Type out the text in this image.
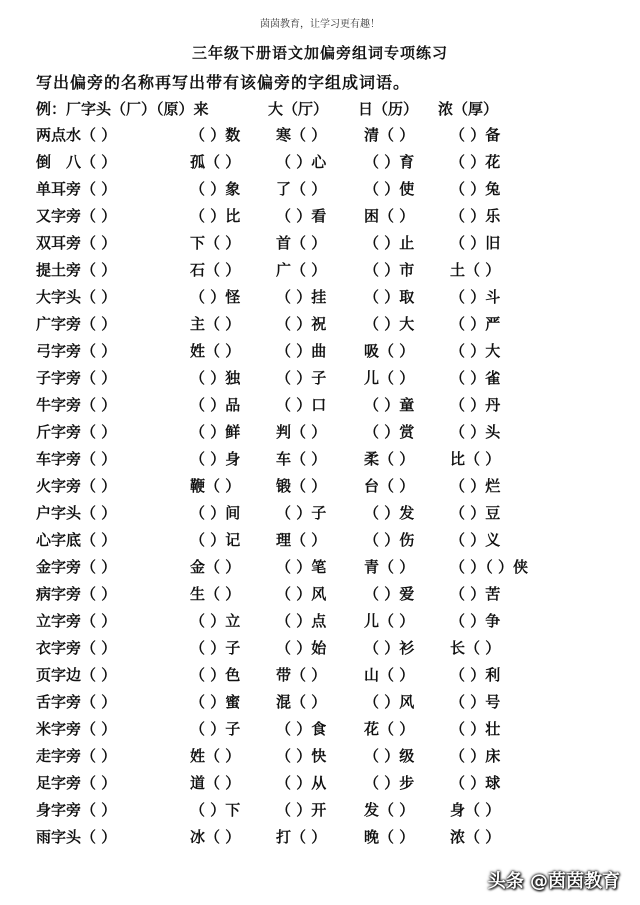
茵茵教育，让学习更有趣！
三年级下册语文加偏旁组词专项练习
写出偏旁的名称再写出带有该偏旁的字组成词语。
例：厂字头（厂）（原）来	大（厅） 日（历） 浓（厚）
两点水（ ）	（ ）数 寒（ ）	清（ ） （ ）备
倒　八（ ）	孤（ ） （ ）心	（ ）育 （ ）花
单耳旁（ ）	（ ）象 了（ ）	（ ）使 （ ）兔
又字旁（ ）	（ ）比 （ ）看	困（ ） （ ）乐
双耳旁（ ）	下（ ） 首（ ）	（ ）止 （ ）旧
提土旁（ ）	石（ ） 广（ ）	（ ）市 土（ ）
大字头（ ）	（ ）怪 （ ）挂	（ ）取 （ ）斗
广字旁（ ）	主（ ） （ ）祝	（ ）大 （ ）严
弓字旁（ ）	姓（ ） （ ）曲	吸（ ） （ ）大
子字旁（ ）	（ ）独 （ ）子	儿（ ） （ ）雀
牛字旁（ ）	（ ）品 （ ）口	（ ）童 （ ）丹
斤字旁（ ）	（ ）鲜 判（ ）	（ ）赏 （ ）头
车字旁（ ）	（ ）身 车（ ）	柔（ ） 比（ ）
火字旁（ ）	鞭（ ） 锻（ ）	台（ ） （ ）烂
户字头（ ）	（ ）间 （ ）子	（ ）发 （ ）豆
心字底（ ）	（ ）记 理（ ）	（ ）伤 （ ）义
金字旁（ ）	金（ ） （ ）笔	青（ ） （ ）（ ）侠
病字旁（ ）	生（ ） （ ）风	（ ）爱 （ ）苦
立字旁（ ）	（ ）立 （ ）点	儿（ ） （ ）争
衣字旁（ ）	（ ）子 （ ）始	（ ）衫 长（ ）
页字边（ ）	（ ）色 带（ ）	山（ ） （ ）利
舌字旁（ ）	（ ）蜜 混（ ）	（ ）风 （ ）号
米字旁（ ）	（ ）子 （ ）食	花（ ） （ ）壮
走字旁（ ）	姓（ ） （ ）快	（ ）级 （ ）床
足字旁（ ）	道（ ） （ ）从	（ ）步 （ ）球
身字旁（ ）	（ ）下 （ ）开	发（ ） 身（ ）
雨字头（ ）	冰（ ） 打（ ）	晚（ ） 浓（ ）
头条 @茵茵教育
